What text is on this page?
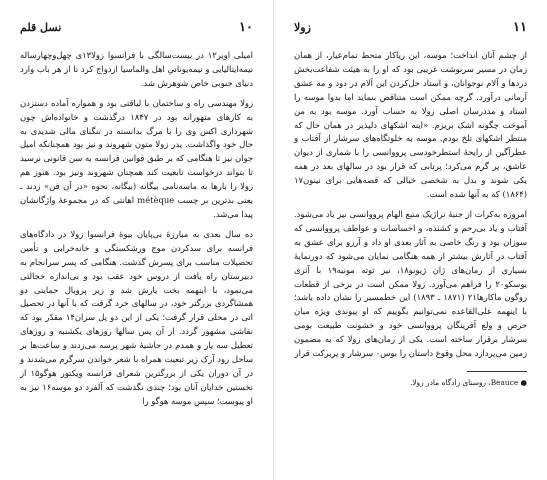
نسل قلم	۱۰

امیلی اوبر۱۲ در بیست‌سالگی با فرانسوا زولا۱۳ی چهل‌وچهارساله نیمه‌ایتالیایی و نیمه‌یونانیِ اهل والماسیا ازدواج کرد تا از هر باب وارد دنیای جنوبی خاص شوهرش شد.

زولا مهندسی راه و ساختمان با لیاقتی بود و همواره آماده دستزدن به کارهای متهورانه بود در ۱۸۴۷ درگذشت و خانواده‌اش چون شهرداری اکس وی را با مرگ بدانسته در تنگنای مالی شدیدی به حال خود واگذاشت. پدر زولا متون شهروند و نیز بود همچنانکه امیل جوان نیز تا هنگامی که بر طبق قوانین فرانسه به سن قانونی نرسید تا بتواند درخواست تابعیت کند همچنان شهروند ونیز بود. هنوز هم زولا را بارها به ماسه‌نامی بیگانه (بیگانه، نحوه «در آن فن» زدند ـ یعنی بدترین بر چسب métèque اهانتی که در مجموعهٔ واژگانشان پیدا می‌شد.

ده سال بعدی به مبارزهٔ بی‌پایان بیوهٔ فرانسوا زولا در دادگاه‌های فرانسه برای سدکردن موج ورشکستگی و خانه‌خرابی و تأمین تحصیلات مناسب برای پسرش گذشت. هنگامی که پسر سرانجام به دبیرستان راه یافت از دروس خود عقب بود و بی‌اندازه خجالتی می‌نمود، با اینهمه بخت یارش شد و زیر پروبال حمایتی دو همشاگردی بزرگتر خود، در سالهای خرد گرفت که با آنها در تحصیل اتی در محلی قرار گرفت؛ یکی از این دو پل سزان۱۴ مقدّر بود که نقاشی مشهور گردد. از آن پس سالها روزهای یکشنبه و روزهای تعطیل سه یار و همدم در حاشیهٔ شهر پرسه می‌زدند و ساعت‌ها بر ساحل رود آرک زیر تبعیت همراه با شعر خواندن سرگرم می‌شدند و در آن دوران یکی از بزرگترین شعرای فرانسه ویکتور هوگو۱۵ از نخستین خدایان آنان بود؛ چندی نگذشت که آلفرد دو موسه۱۶ نیز به او پیوست؛ سپس موسه هوگو را

زولا	۱۱

از چشم آنان انداخت؛ موسه، این ریاکار متحط تمام‌عیار، از همان زمان در مسیر سرنوشت غریبی بود که او را به هیئت شفاعت‌بخش دردها و آلام نوجوانان، و استاد حل‌کردن این آلام در دود و مه عشق آرمانی درآورد. گرچه ممکن است متناقض بنماید اما بدوا موسه را استاد و مددرسان اصلی زولا به حساب آورد. موسه بود به من آموخت چگونه اشک بریزم. «اینه اشکهای دلپذیر در همان حال که منتظر اشکهای تلخ بودم. موسه به خلوتگاه‌های سرشار از آفتاب و عطرآگین از رایحهٔ استطرخودسی پرووانسی را با شماری از دیوان عاشق، پر گرم می‌کرد؛ پرتابی که قرار بود در سالهای بعد در همه یکی شوند و بدل به شخصی خیالی که قصه‌هایی برای نینون۱۷ (۱۸۶۴) که به آنها شده است.

امروزه به‌کرات از جنبهٔ تراژیک منبع الهام پرووانسی نیز یاد می‌شود. آفتاب و یاد بی‌رحم و کشنده، و احساسات و عواطف پرووانسی که سوزان بود و رنگ خاصی به آثار بعدی او داد و آرزو برای عشق به آفتاب در آثارش بیشتر از همه هنگامی نمایان می‌شود که دورنمایهٔ بسیاری از رمان‌های ژان ژیونو۱۸، نیز توته مونیه۱۹ با آثری بوسکو۲۰ را فراهم می‌آورد. زولا ممکن است در برخی از قطعات روگون ماکارها۲۱ (۱۸۷۱ ـ ۱۸۹۳) این خطمسیر را نشان داده باشد؛ با اینهمه علی‌القاعده نمی‌توانیم بگوییم که او پیوندی ویژه میان حرص و ولع آفرینگان پرووانسی خود و خشونت طبیعت بومی سرشار برقرار ساخته است. یکی از رمان‌های زولا که به مضمون زمین می‌پردازد محل وقوع داستان را بوس۰ سرشار و پربرکت قرار

● Beauce، روستای زادگاه مادر زولا.
